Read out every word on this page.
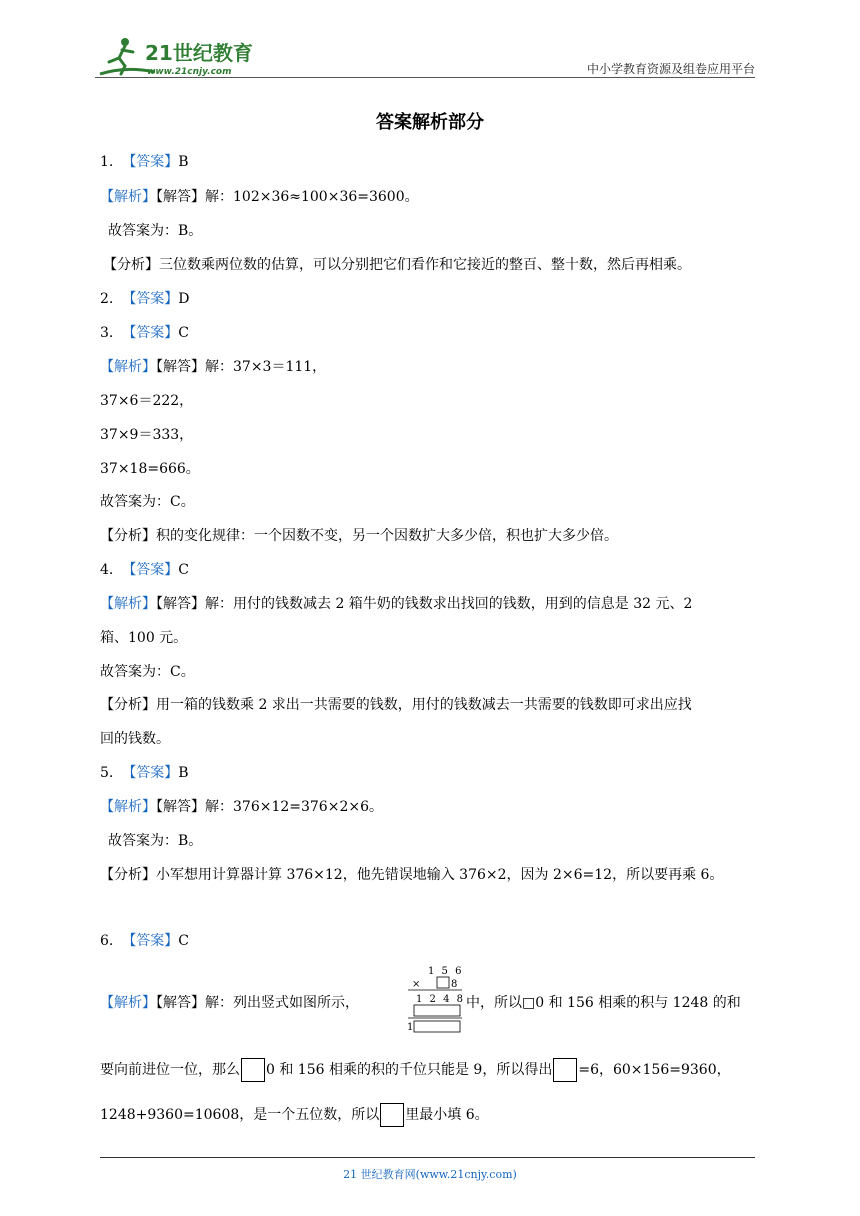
21世纪教育
www.21cnjy.com	中小学教育资源及组卷应用平台
答案解析部分
1. 【答案】B
【解析】【解答】解：102×36≈100×36=3600。
故答案为：B。
【分析】三位数乘两位数的估算，可以分别把它们看作和它接近的整百、整十数，然后再相乘。
2. 【答案】D
3. 【答案】C
【解析】【解答】解：37×3＝111，
37×6＝222，
37×9＝333，
37×18=666。
故答案为：C。
【分析】积的变化规律：一个因数不变，另一个因数扩大多少倍，积也扩大多少倍。
4. 【答案】C
【解析】【解答】解：用付的钱数减去 2 箱牛奶的钱数求出找回的钱数，用到的信息是 32 元、2
箱、100 元。
故答案为：C。
【分析】用一箱的钱数乘 2 求出一共需要的钱数，用付的钱数减去一共需要的钱数即可求出应找
回的钱数。
5. 【答案】B
【解析】【解答】解：376×12=376×2×6。
故答案为：B。
【分析】小军想用计算器计算 376×12，他先错误地输入 376×2，因为 2×6=12，所以要再乘 6。
6. 【答案】C
【解析】【解答】解：列出竖式如图所示，
1 5 6
×	8
1 2 4 8
1
中，所以□0 和 156 相乘的积与 1248 的和
要向前进位一位，那么 0 和 156 相乘的积的千位只能是 9，所以得出 =6，60×156=9360，
1248+9360=10608，是一个五位数，所以 里最小填 6。
21 世纪教育网(www.21cnjy.com)
